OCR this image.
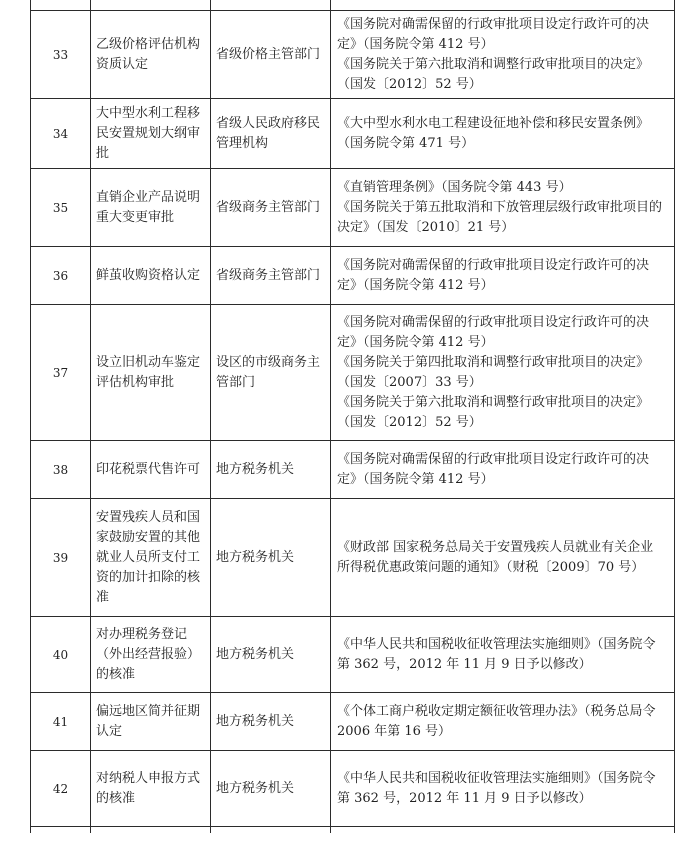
33	乙级价格评估机构资质认定	省级价格主管部门	《国务院对确需保留的行政审批项目设定行政许可的决定》（国务院令第 412 号）
《国务院关于第六批取消和调整行政审批项目的决定》（国发〔2012〕52 号）

34	大中型水利工程移民安置规划大纲审批	省级人民政府移民管理机构	《大中型水利水电工程建设征地补偿和移民安置条例》（国务院令第 471 号）

35	直销企业产品说明重大变更审批	省级商务主管部门	《直销管理条例》（国务院令第 443 号）
《国务院关于第五批取消和下放管理层级行政审批项目的决定》（国发〔2010〕21 号）

36	鲜茧收购资格认定	省级商务主管部门	《国务院对确需保留的行政审批项目设定行政许可的决定》（国务院令第 412 号）

37	设立旧机动车鉴定评估机构审批	设区的市级商务主管部门	《国务院对确需保留的行政审批项目设定行政许可的决定》（国务院令第 412 号）
《国务院关于第四批取消和调整行政审批项目的决定》（国发〔2007〕33 号）
《国务院关于第六批取消和调整行政审批项目的决定》（国发〔2012〕52 号）

38	印花税票代售许可	地方税务机关	《国务院对确需保留的行政审批项目设定行政许可的决定》（国务院令第 412 号）

39	安置残疾人员和国家鼓励安置的其他就业人员所支付工资的加计扣除的核准	地方税务机关	《财政部 国家税务总局关于安置残疾人员就业有关企业所得税优惠政策问题的通知》（财税〔2009〕70 号）

40	对办理税务登记（外出经营报验）的核准	地方税务机关	《中华人民共和国税收征收管理法实施细则》（国务院令第 362 号，2012 年 11 月 9 日予以修改）

41	偏远地区简并征期认定	地方税务机关	《个体工商户税收定期定额征收管理办法》（税务总局令 2006 年第 16 号）

42	对纳税人申报方式的核准	地方税务机关	《中华人民共和国税收征收管理法实施细则》（国务院令第 362 号，2012 年 11 月 9 日予以修改）
